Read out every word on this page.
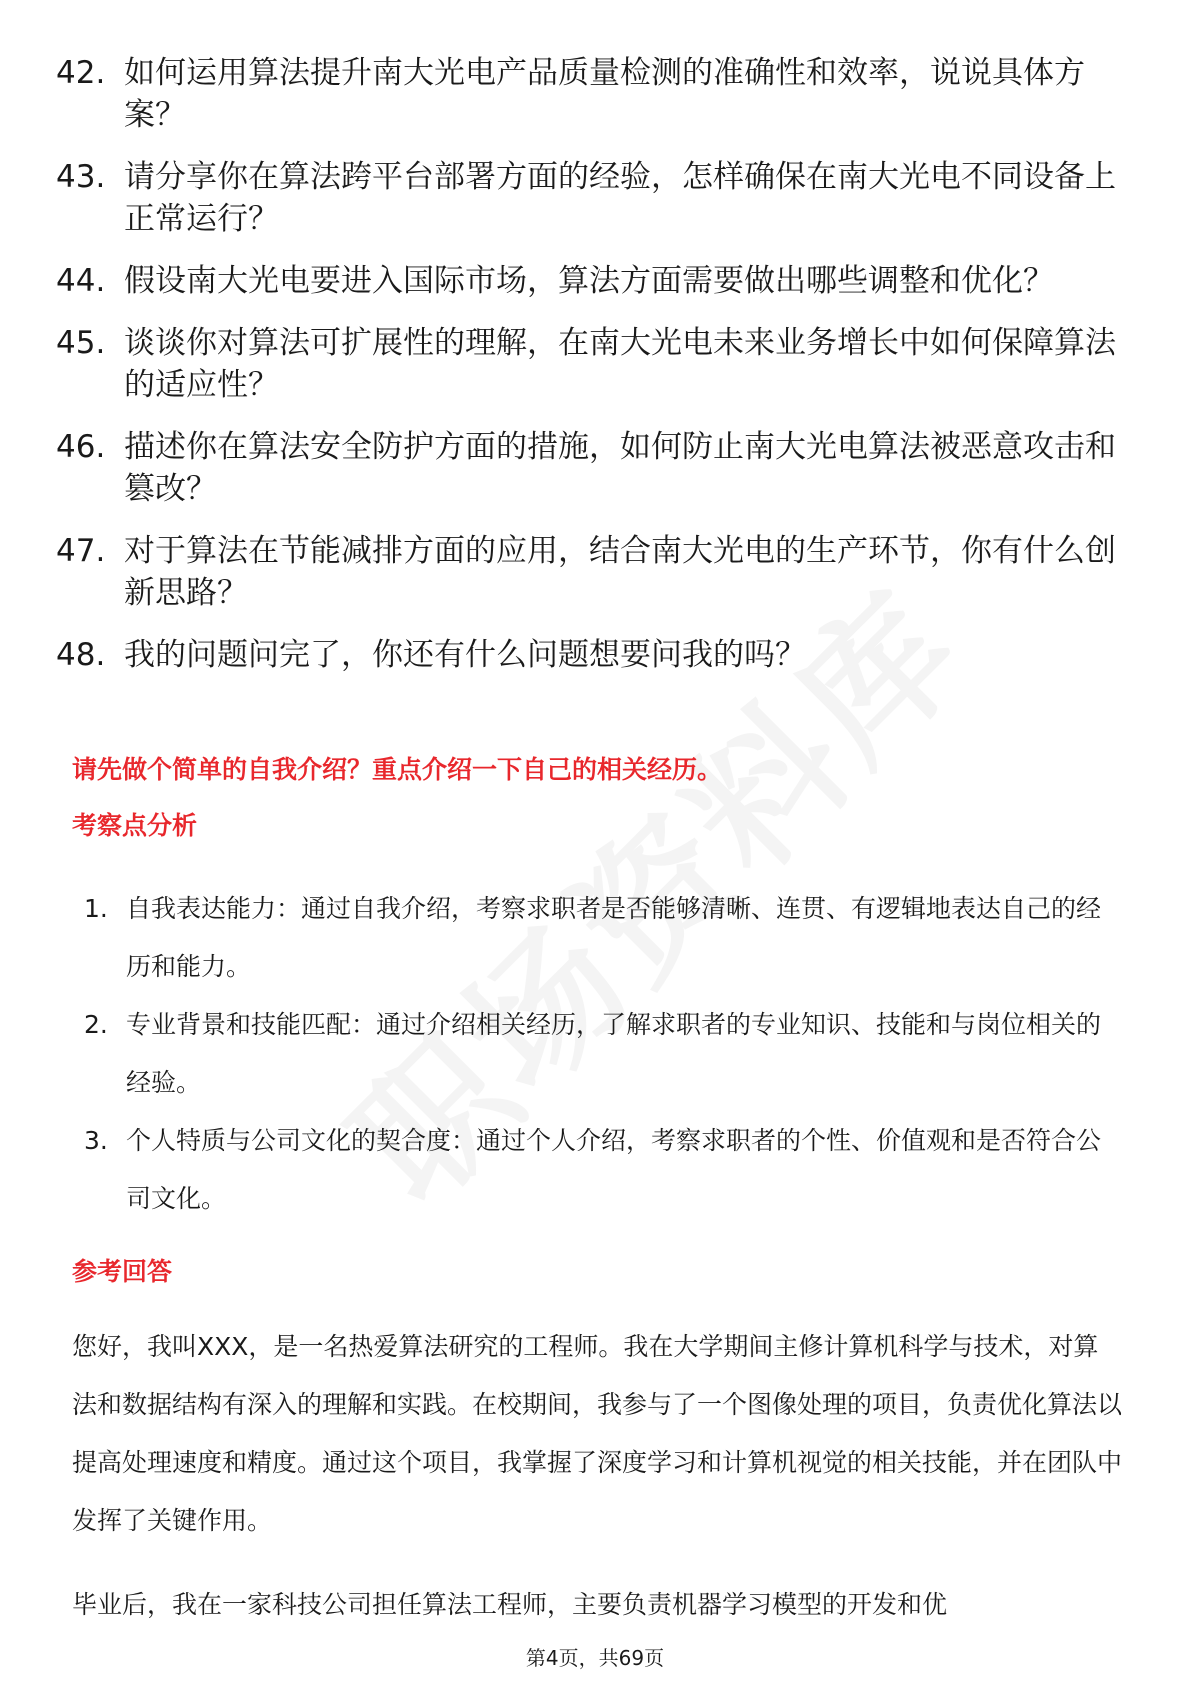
42. 如何运用算法提升南大光电产品质量检测的准确性和效率，说说具体方案？
43. 请分享你在算法跨平台部署方面的经验，怎样确保在南大光电不同设备上正常运行？
44. 假设南大光电要进入国际市场，算法方面需要做出哪些调整和优化？
45. 谈谈你对算法可扩展性的理解，在南大光电未来业务增长中如何保障算法的适应性？
46. 描述你在算法安全防护方面的措施，如何防止南大光电算法被恶意攻击和篡改？
47. 对于算法在节能减排方面的应用，结合南大光电的生产环节，你有什么创新思路？
48. 我的问题问完了，你还有什么问题想要问我的吗？
请先做个简单的自我介绍？重点介绍一下自己的相关经历。
考察点分析
1. 自我表达能力：通过自我介绍，考察求职者是否能够清晰、连贯、有逻辑地表达自己的经历和能力。
2. 专业背景和技能匹配：通过介绍相关经历，了解求职者的专业知识、技能和与岗位相关的经验。
3. 个人特质与公司文化的契合度：通过个人介绍，考察求职者的个性、价值观和是否符合公司文化。
参考回答

您好，我叫XXX，是一名热爱算法研究的工程师。我在大学期间主修计算机科学与技术，对算法和数据结构有深入的理解和实践。在校期间，我参与了一个图像处理的项目，负责优化算法以提高处理速度和精度。通过这个项目，我掌握了深度学习和计算机视觉的相关技能，并在团队中发挥了关键作用。

毕业后，我在一家科技公司担任算法工程师，主要负责机器学习模型的开发和优

第4页，共69页
